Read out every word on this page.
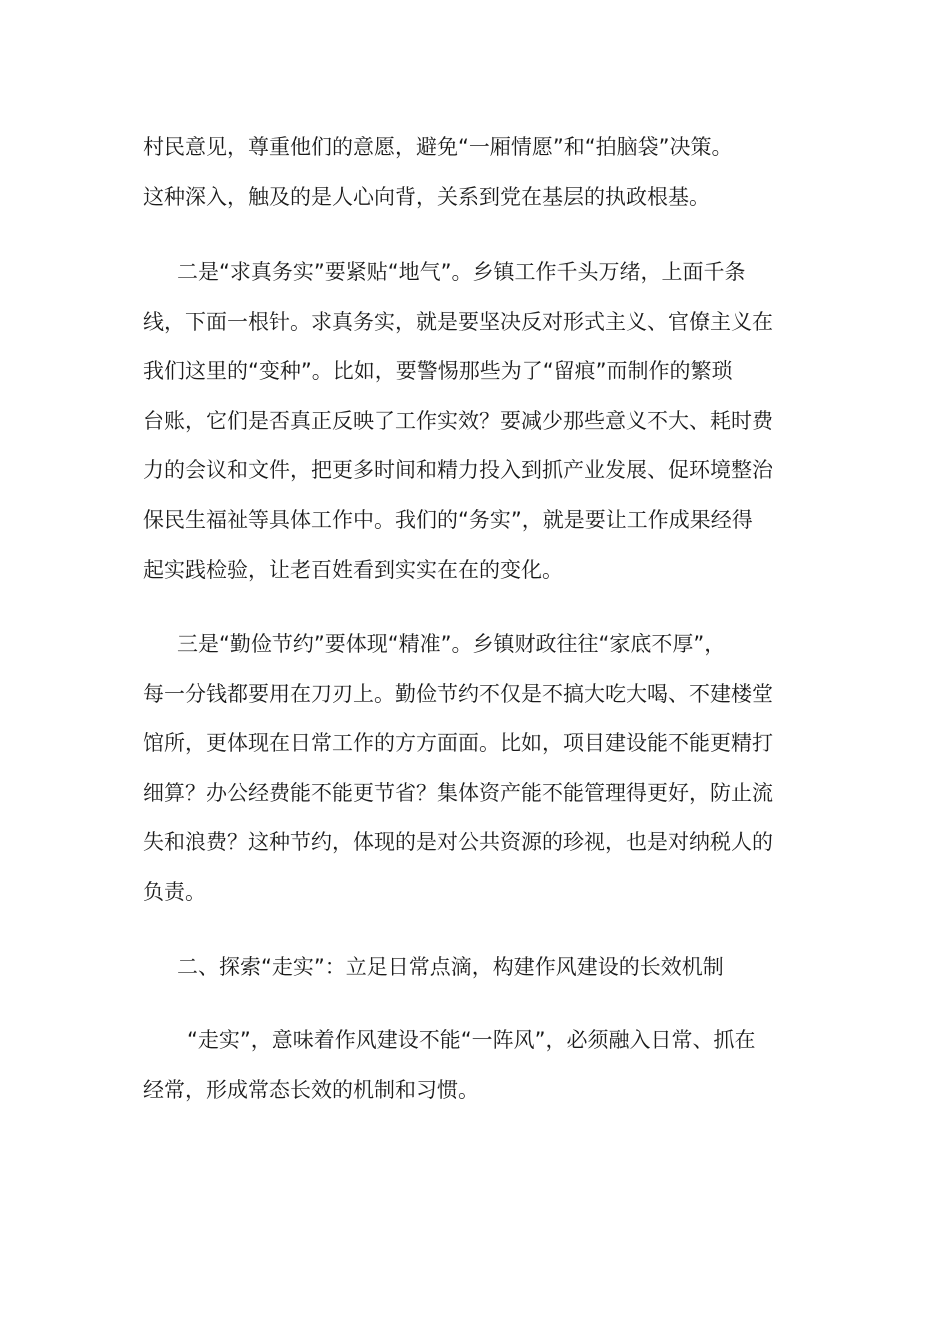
村民意见，尊重他们的意愿，避免“一厢情愿”和“拍脑袋”决策。
这种深入，触及的是人心向背，关系到党在基层的执政根基。
二是“求真务实”要紧贴“地气”。乡镇工作千头万绪，上面千条
线，下面一根针。求真务实，就是要坚决反对形式主义、官僚主义在
我们这里的“变种”。比如，要警惕那些为了“留痕”而制作的繁琐
台账，它们是否真正反映了工作实效？要减少那些意义不大、耗时费
力的会议和文件，把更多时间和精力投入到抓产业发展、促环境整治
保民生福祉等具体工作中。我们的“务实”，就是要让工作成果经得
起实践检验，让老百姓看到实实在在的变化。
三是“勤俭节约”要体现“精准”。乡镇财政往往“家底不厚”，
每一分钱都要用在刀刃上。勤俭节约不仅是不搞大吃大喝、不建楼堂
馆所，更体现在日常工作的方方面面。比如，项目建设能不能更精打
细算？办公经费能不能更节省？集体资产能不能管理得更好，防止流
失和浪费？这种节约，体现的是对公共资源的珍视，也是对纳税人的
负责。
二、探索“走实”：立足日常点滴，构建作风建设的长效机制
“走实”，意味着作风建设不能“一阵风”，必须融入日常、抓在
经常，形成常态长效的机制和习惯。
